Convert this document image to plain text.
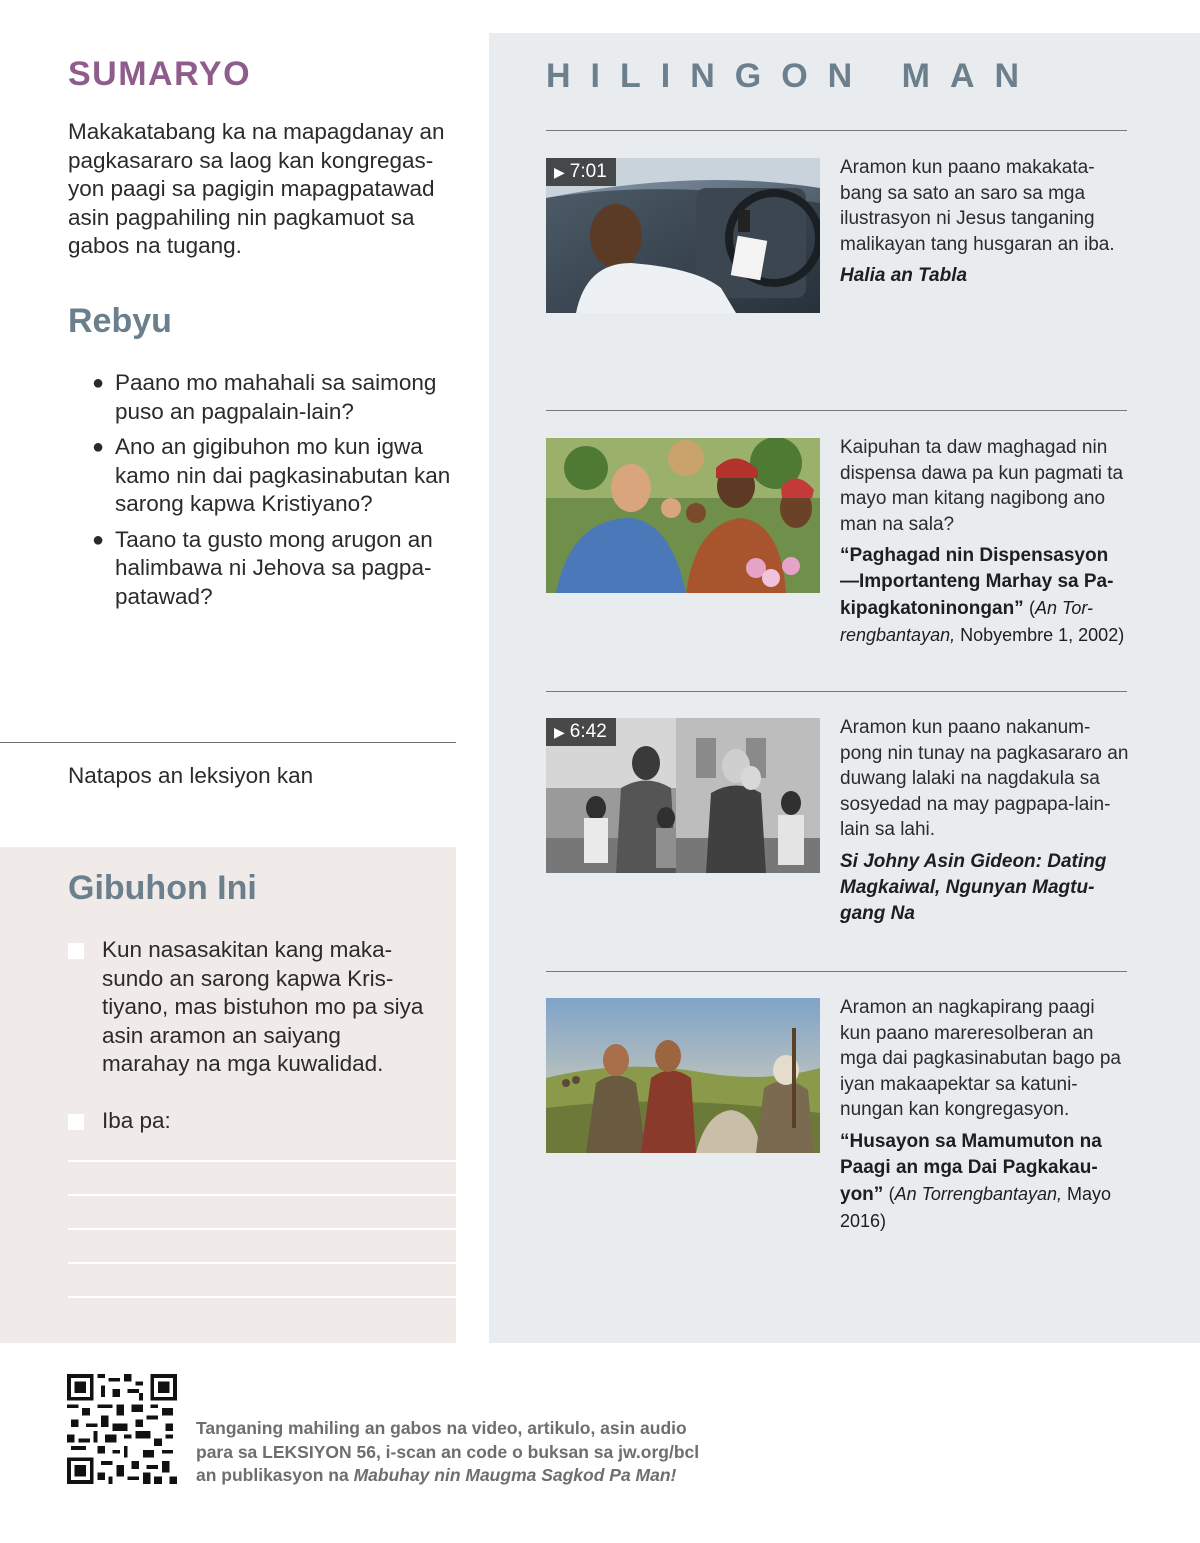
SUMARYO

Makakatabang ka na mapagdanay an pagkasararo sa laog kan kongregas-yon paagi sa pagigin mapagpatawad asin pagpahiling nin pagkamuot sa gabos na tugang.

Rebyu
● Paano mo mahahali sa saimong puso an pagpalain-lain?
● Ano an gigibuhon mo kun igwa kamo nin dai pagkasinabutan kan sarong kapwa Kristiyano?
● Taano ta gusto mong arugon an halimbawa ni Jehova sa pagpa-patawad?

Natapos an leksiyon kan

Gibuhon Ini
Kun nasasakitan kang maka-sundo an sarong kapwa Kris-tiyano, mas bistuhon mo pa siya asin aramon an saiyang marahay na mga kuwalidad.
Iba pa:
HILINGON MAN
▶ 7:01	Aramon kun paano makakata-bang sa sato an saro sa mga ilustrasyon ni Jesus tanganing malikayan tang husgaran an iba.

Halia an Tabla

Kaipuhan ta daw maghagad nin dispensa dawa pa kun pagmati ta mayo man kitang nagibong ano man na sala?

“Paghagad nin Dispensasyon —Importanteng Marhay sa Pa-kipagkatoninongan” (An Tor-rengbantayan, Nobyembre 1, 2002)

▶ 6:42	Aramon kun paano nakanum-pong nin tunay na pagkasararo an duwang lalaki na nagdakula sa sosyedad na may pagpapa-lain-lain sa lahi.

Si Johny Asin Gideon: Dating Magkaiwal, Ngunyan Magtu-gang Na

Aramon an nagkapirang paagi kun paano mareresolberan an mga dai pagkasinabutan bago pa iyan makaapektar sa katuni-nungan kan kongregasyon.

“Husayon sa Mamumuton na Paagi an mga Dai Pagkakau-yon” (An Torrengbantayan, Mayo 2016)

Tanganing mahiling an gabos na video, artikulo, asin audio
para sa LEKSIYON 56, i-scan an code o buksan sa jw.org/bcl
an publikasyon na Mabuhay nin Maugma Sagkod Pa Man!
